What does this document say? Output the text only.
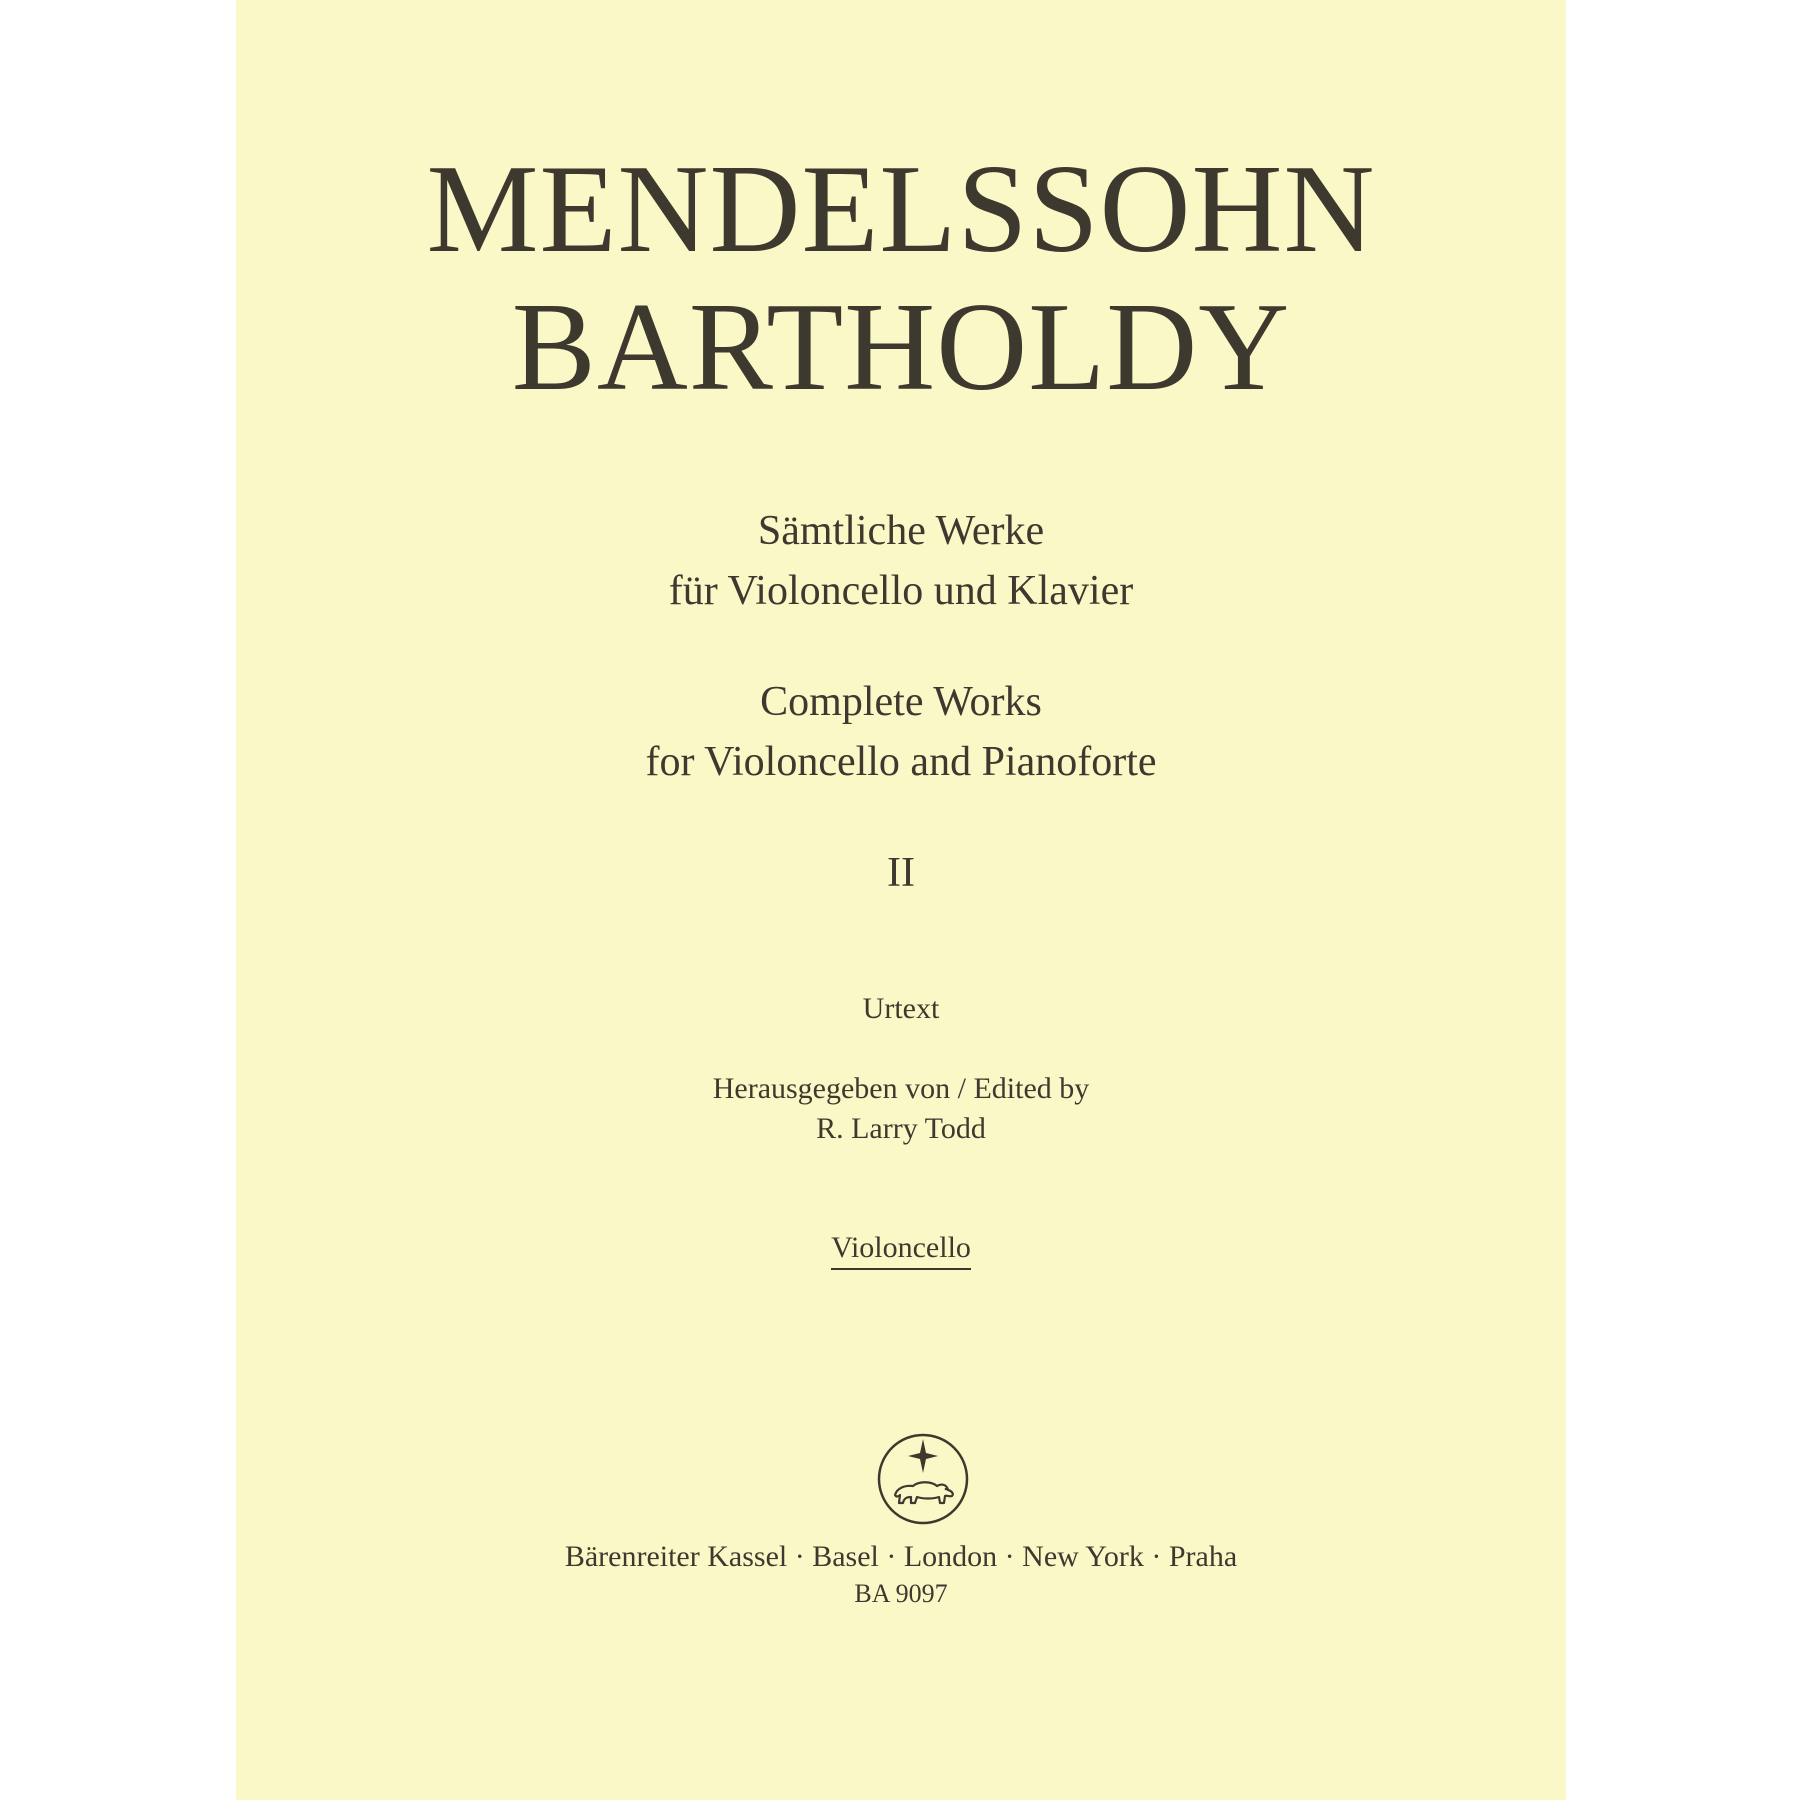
MENDELSSOHN
BARTHOLDY
Sämtliche Werke
für Violoncello und Klavier
Complete Works
for Violoncello and Pianoforte
II
Urtext
Herausgegeben von / Edited by
R. Larry Todd
Violoncello
Bärenreiter Kassel · Basel · London · New York · Praha
BA 9097
